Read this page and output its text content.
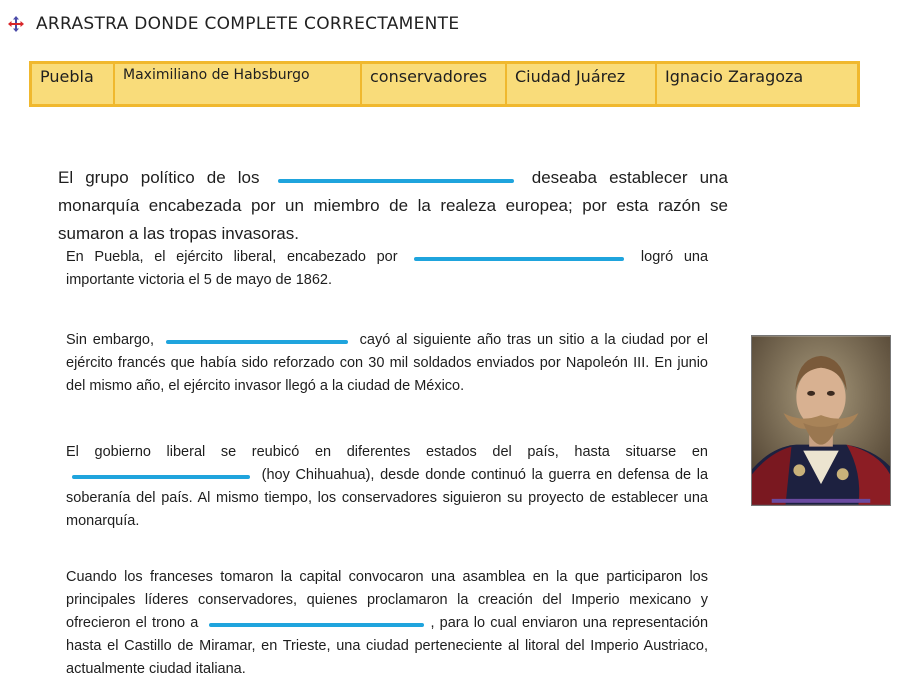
ARRASTRA DONDE COMPLETE CORRECTAMENTE
Puebla	Maximiliano de Habsburgo	conservadores	Ciudad Juárez	Ignacio Zaragoza
El grupo político de los	deseaba establecer una monarquía encabezada por un miembro de la realeza europea; por esta razón se sumaron a las tropas invasoras.
En Puebla, el ejército liberal, encabezado por	logró una importante victoria el 5 de mayo de 1862.
Sin embargo,	cayó al siguiente año tras un sitio a la ciudad por el ejército francés que había sido reforzado con 30 mil soldados enviados por Napoleón III. En junio del mismo año, el ejército invasor llegó a la ciudad de México.
El gobierno liberal se reubicó en diferentes estados del país, hasta situarse en  (hoy Chihuahua), desde donde continuó la guerra en defensa de la soberanía del país. Al mismo tiempo, los conservadores siguieron su proyecto de establecer una monarquía.
Cuando los franceses tomaron la capital convocaron una asamblea en la que participaron los principales líderes conservadores, quienes proclamaron la creación del Imperio mexicano y ofrecieron el trono a	, para lo cual enviaron una representación hasta el Castillo de Miramar, en Trieste, una ciudad perteneciente al litoral del Imperio Austriaco, actualmente ciudad italiana.
